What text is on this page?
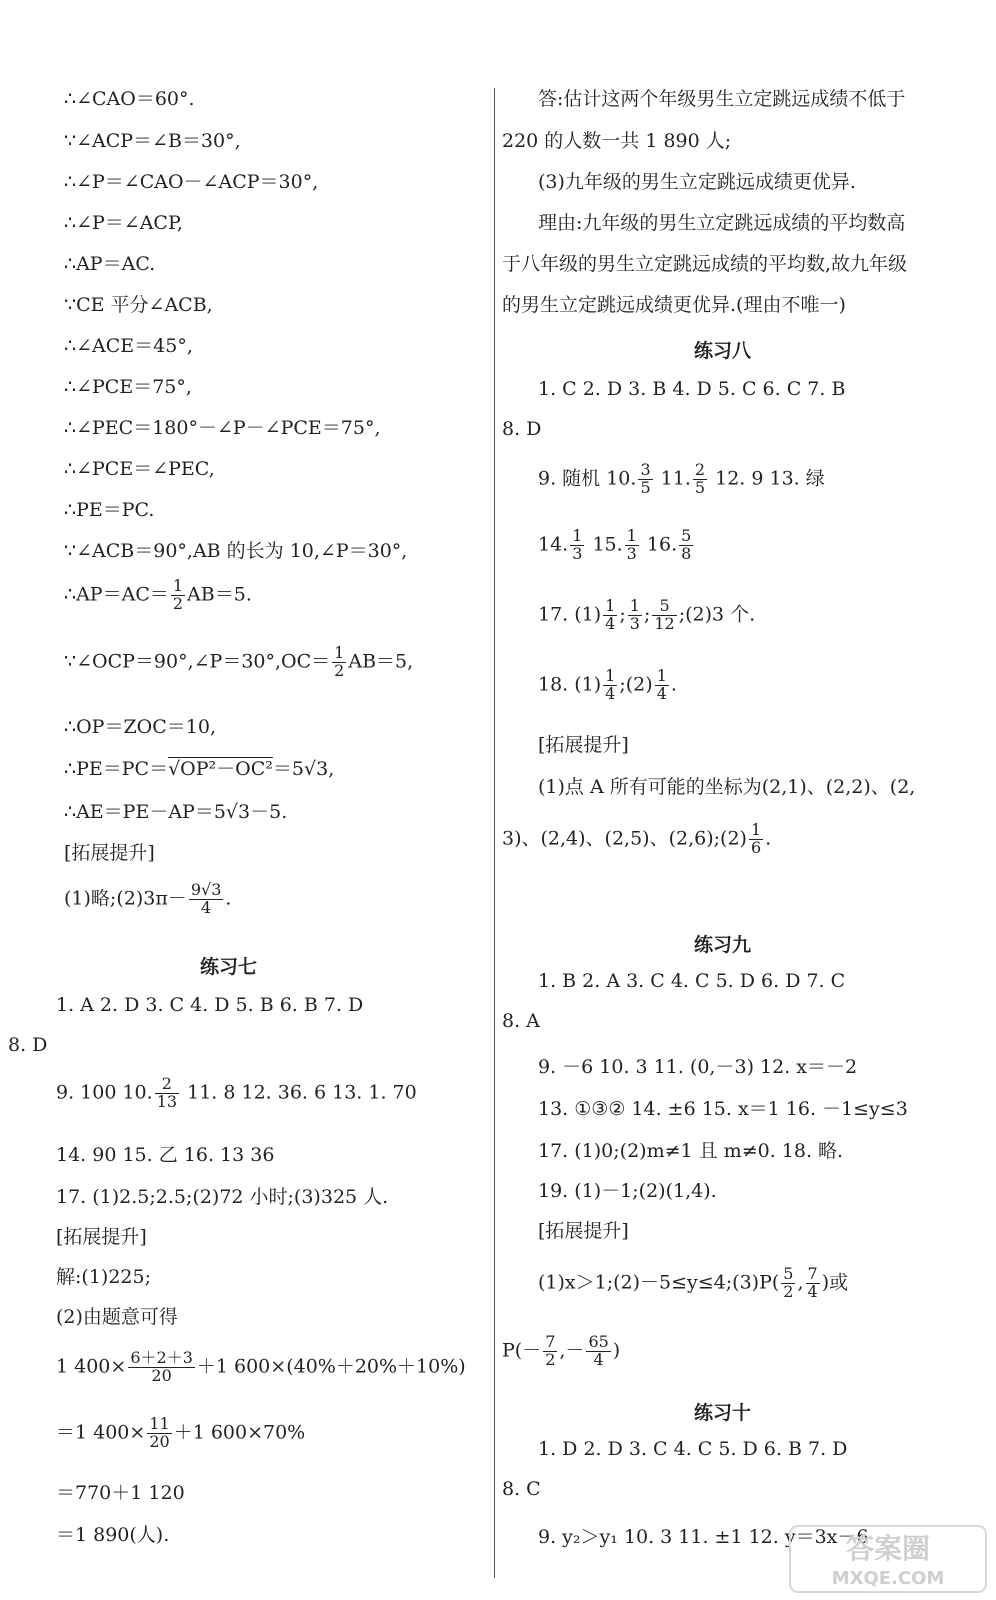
∴∠CAO＝60°.
∵∠ACP＝∠B＝30°,
∴∠P＝∠CAO－∠ACP＝30°,
∴∠P＝∠ACP,
∴AP＝AC.
∵CE 平分∠ACB,
∴∠ACE＝45°,
∴∠PCE＝75°,
∴∠PEC＝180°－∠P－∠PCE＝75°,
∴∠PCE＝∠PEC,
∴PE＝PC.
∵∠ACB＝90°,AB 的长为 10,∠P＝30°,
∴AP＝AC＝ $\frac{1}{2} AB=5$.
∵∠OCP＝90°,∠P＝30°,OC＝ $\frac{1}{2} AB=5$,
∴OP＝ZOC＝10,
∴PE＝PC＝√OP²－OC²＝5√3,
∴AE＝PE－AP＝5√3－5.
[拓展提升]
(1)略;(2)3π－ $\frac{9√3}{4}$ .
练习七
1. A 2. D 3. C 4. D 5. B 6. B 7. D
8. D
9. 100 10. $\frac{2}{13} 11$. 8 12. 36. 6 13. 1. 70
14. 90 15. 乙 16. 13 36
17. (1)2.5;2.5;(2)72 小时;(3)325 人.
[拓展提升]
解:(1)225;
(2)由题意可得
1 $400\times \frac{6+2+3}{20} +1$ 600×(40%＋20%＋10%)
＝1 $400\times \frac{11}{20} +1$ 600×70%
＝770＋1 120
＝1 890(人).
答:估计这两个年级男生立定跳远成绩不低于
220 的人数一共 1 890 人;
(3)九年级的男生立定跳远成绩更优异.
理由:九年级的男生立定跳远成绩的平均数高
于八年级的男生立定跳远成绩的平均数,故九年级
的男生立定跳远成绩更优异.(理由不唯一)
练习八
1. C 2. D 3. B 4. D 5. C 6. C 7. B
8. D
9. 随机 10. $\frac{3}{5} 11$. $\frac{2}{5} 12$. 9 13. 绿
14. $\frac{1}{3} 15$. $\frac{1}{3} 16$. $\frac{5}{8}$
17. $(1) \frac{1}{4}$ ; $\frac{1}{3}$ ; $\frac{5}{12}$ ;(2)3 个.
18. $(1) \frac{1}{4}$ ;(2) $\frac{1}{4}$ .
[拓展提升]
(1)点 A 所有可能的坐标为(2,1)、(2,2)、(2,
3)、(2,4)、(2,5)、(2,6);(2) $\frac{1}{6}$ .
练习九
1. B 2. A 3. C 4. C 5. D 6. D 7. C
8. A
9. －6 10. 3 11. (0,－3) 12. x＝－2
13. ①③② 14. ±6 15. x＝1 16. －1≤y≤3
17. (1)0;(2)m≠1 且 m≠0. 18. 略.
19. (1)－1;(2)(1,4).
[拓展提升]
(1)x＞1;(2)－5≤y≤4;(3)P( $\frac{5}{2}$ , $\frac{7}{4}$ )或
$P(- \frac{7}{2}$ ,－ $\frac{65}{4}$ )
练习十
1. D 2. D 3. C 4. C 5. D 6. B 7. D
8. C
9. y₂＞y₁ 10. 3 11. ±1 12. y＝3x－6
答案圈
MXQE.COM
